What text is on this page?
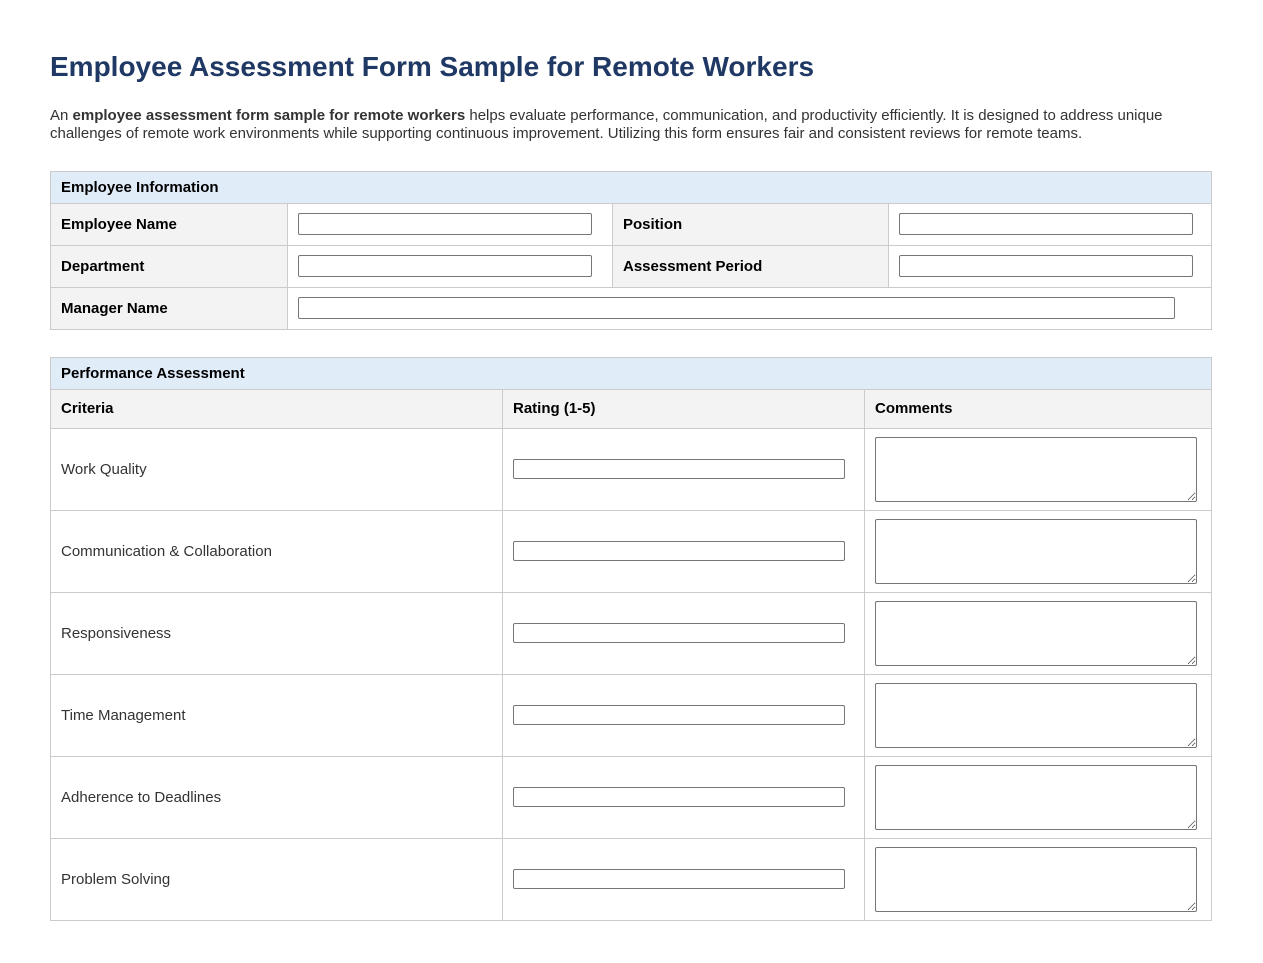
Employee Assessment Form Sample for Remote Workers

An employee assessment form sample for remote workers helps evaluate performance, communication, and productivity efficiently. It is designed to address unique challenges of remote work environments while supporting continuous improvement. Utilizing this form ensures fair and consistent reviews for remote teams.

Employee Information			
Employee Name		Position	
Department		Assessment Period	
Manager Name	
Performance Assessment		
Criteria	Rating (1-5)	Comments
Work Quality		

Communication & Collaboration		

Responsiveness		

Time Management		

Adherence to Deadlines		

Problem Solving		
